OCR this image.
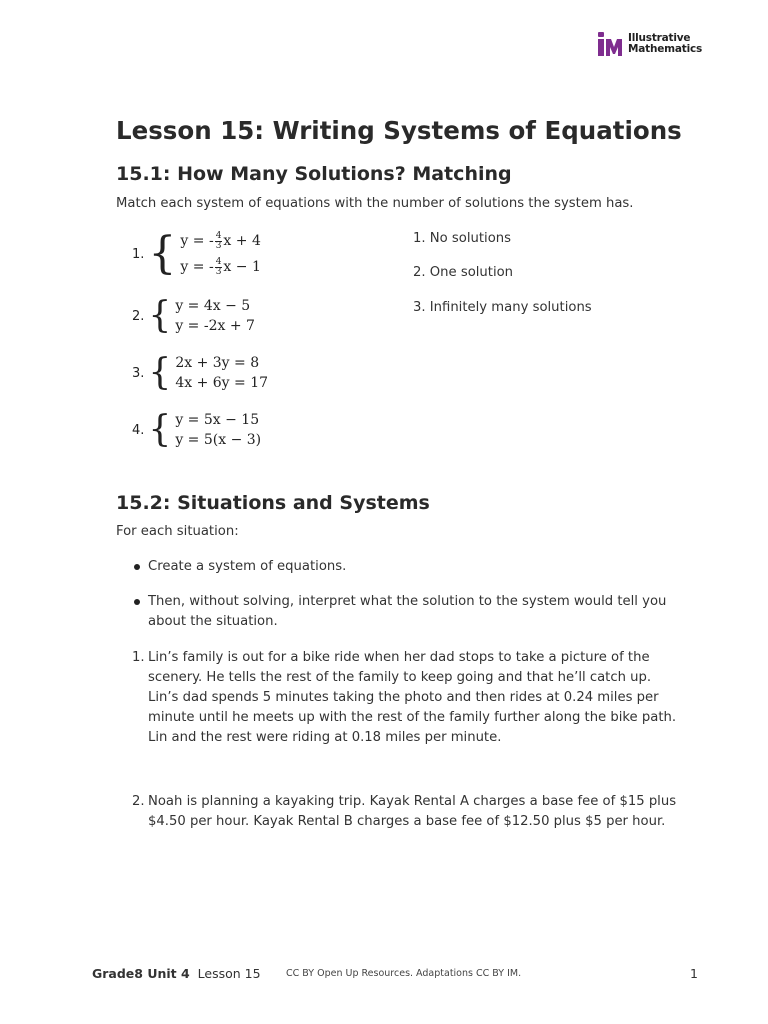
Illustrative
Mathematics
Lesson 15: Writing Systems of Equations
15.1: How Many Solutions? Matching
Match each system of equations with the number of solutions the system has.
1. { y = - $\frac{4}{3}$ x + 4
y = - $\frac{4}{3}$ x − 1
2. { y = 4x − 5
y = -2x + 7
3. { 2x + 3y = 8
4x + 6y = 17
4. { y = 5x − 15
y = 5(x − 3)
1. No solutions
2. One solution
3. Infinitely many solutions
15.2: Situations and Systems
For each situation:
Create a system of equations.
Then, without solving, interpret what the solution to the system would tell you about the situation.
1. Lin’s family is out for a bike ride when her dad stops to take a picture of the scenery. He tells the rest of the family to keep going and that he’ll catch up. Lin’s dad spends 5 minutes taking the photo and then rides at 0.24 miles per minute until he meets up with the rest of the family further along the bike path. Lin and the rest were riding at 0.18 miles per minute.
2. Noah is planning a kayaking trip. Kayak Rental A charges a base fee of $15 plus $4.50 per hour. Kayak Rental B charges a base fee of $12.50 plus $5 per hour.
Grade8 Unit 4 Lesson 15	CC BY Open Up Resources. Adaptations CC BY IM.	1
